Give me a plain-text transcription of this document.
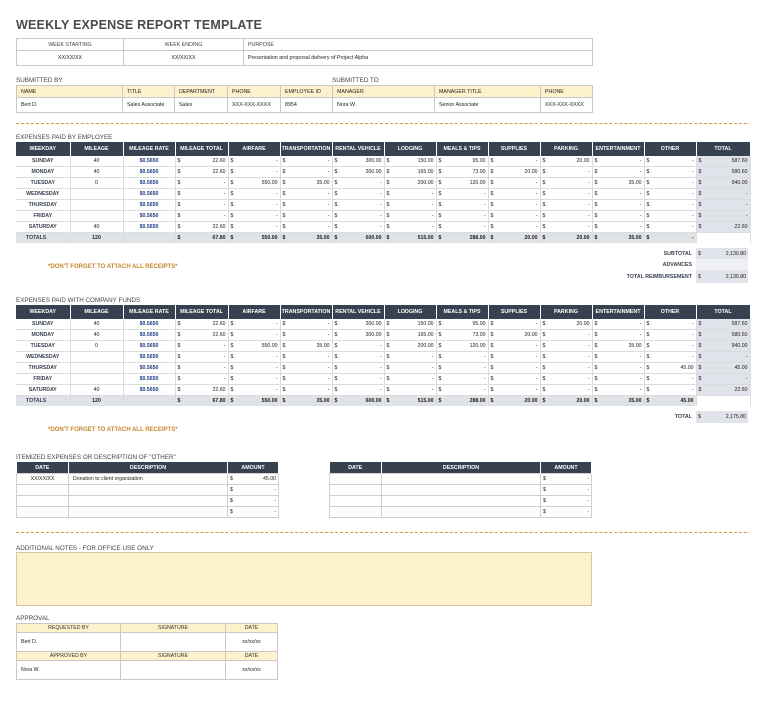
WEEKLY EXPENSE REPORT TEMPLATE
WEEK STARTING	WEEK ENDING	PURPOSE
XX/XX/XX	XX/XX/XX	Presentation and proposal delivery of Project Alpha
SUBMITTED BY	SUBMITTED TO
NAME	TITLE	DEPARTMENT	PHONE	EMPLOYEE ID	MANAGER	MANAGER TITLE	PHONE
Bert D.	Sales Associate	Sales	XXX-XXX-XXXX	8954	Nora W.	Senior Associate	XXX-XXX-XXXX
EXPENSES PAID BY EMPLOYEE
WEEKDAY	MILEAGE	MILEAGE RATE	MILEAGE TOTAL	AIRFARE	TRANSPORTATION	RENTAL VEHICLE	LODGING	MEALS & TIPS	SUPPLIES	PARKING	ENTERTAINMENT	OTHER	TOTAL
SUNDAY	40	$0.5650	$ 22.60	$ -	$ -	$ 300.00	$ 150.00	$ 95.00	$ -	$ 20.00	$ -	$ -	$ 587.60

MONDAY	40	$0.5650	$ 22.60	$ -	$ -	$ 300.00	$ 165.00	$ 73.00	$ 20.00	$ -	$ -	$ -	$ 580.60

TUESDAY	0	$0.5650	$ -	$ 550.00	$ 35.00	$ -	$ 200.00	$ 120.00	$ -	$ -	$ 35.00	$ -	$ 940.00

WEDNESDAY		$0.5650	$ -	$ -	$ -	$ -	$ -	$ -	$ -	$ -	$ -	$ -	$ -

THURSDAY		$0.5650	$ -	$ -	$ -	$ -	$ -	$ -	$ -	$ -	$ -	$ -	$ -

FRIDAY		$0.5650	$ -	$ -	$ -	$ -	$ -	$ -	$ -	$ -	$ -	$ -	$ -

SATURDAY	40	$0.5650	$ 22.60	$ -	$ -	$ -	$ -	$ -	$ -	$ -	$ -	$ -	$ 22.60

TOTALS	120		$ 67.80	$ 550.00	$ 35.00	$ 600.00	$ 515.00	$ 288.00	$ 20.00	$ 20.00	$ 35.00	$ -	

*DON'T FORGET TO ATTACH ALL RECEIPTS*
SUBTOTAL	$ 2,130.80

ADVANCES	
TOTAL REIMBURSEMENT	$ 2,130.80
EXPENSES PAID WITH COMPANY FUNDS
WEEKDAY	MILEAGE	MILEAGE RATE	MILEAGE TOTAL	AIRFARE	TRANSPORTATION	RENTAL VEHICLE	LODGING	MEALS & TIPS	SUPPLIES	PARKING	ENTERTAINMENT	OTHER	TOTAL
SUNDAY	40	$0.5650	$ 22.60	$ -	$ -	$ 300.00	$ 150.00	$ 95.00	$ -	$ 20.00	$ -	$ -	$ 587.60

MONDAY	40	$0.5650	$ 22.60	$ -	$ -	$ 300.00	$ 165.00	$ 73.00	$ 20.00	$ -	$ -	$ -	$ 580.60

TUESDAY	0	$0.5650	$ -	$ 550.00	$ 35.00	$ -	$ 200.00	$ 120.00	$ -	$ -	$ 35.00	$ -	$ 940.00

WEDNESDAY		$0.5650	$ -	$ -	$ -	$ -	$ -	$ -	$ -	$ -	$ -	$ -	$ -

THURSDAY		$0.5650	$ -	$ -	$ -	$ -	$ -	$ -	$ -	$ -	$ -	$ 45.00	$ 45.00

FRIDAY		$0.5650	$ -	$ -	$ -	$ -	$ -	$ -	$ -	$ -	$ -	$ -	$ -

SATURDAY	40	$0.5650	$ 22.60	$ -	$ -	$ -	$ -	$ -	$ -	$ -	$ -	$ -	$ 22.60

TOTALS	120		$ 67.80	$ 550.00	$ 35.00	$ 600.00	$ 515.00	$ 288.00	$ 20.00	$ 20.00	$ 35.00	$ 45.00	

TOTAL	$	2,175.80
*DON'T FORGET TO ATTACH ALL RECEIPTS*
ITEMIZED EXPENSES OR DESCRIPTION OF "OTHER"
DATE	DESCRIPTION	AMOUNT
XX/XX/XX	Donation to client organization	$ 45.00

		$ -

		$ -

		$ -
DATE	DESCRIPTION	AMOUNT

		$ -

		$ -

		$ -

		$ -
ADDITIONAL NOTES - FOR OFFICE USE ONLY
APPROVAL
REQUESTED BY	SIGNATURE	DATE
Bert D.		xx/xx/xx
APPROVED BY	SIGNATURE	DATE
Nora W.		xx/xx/xx
